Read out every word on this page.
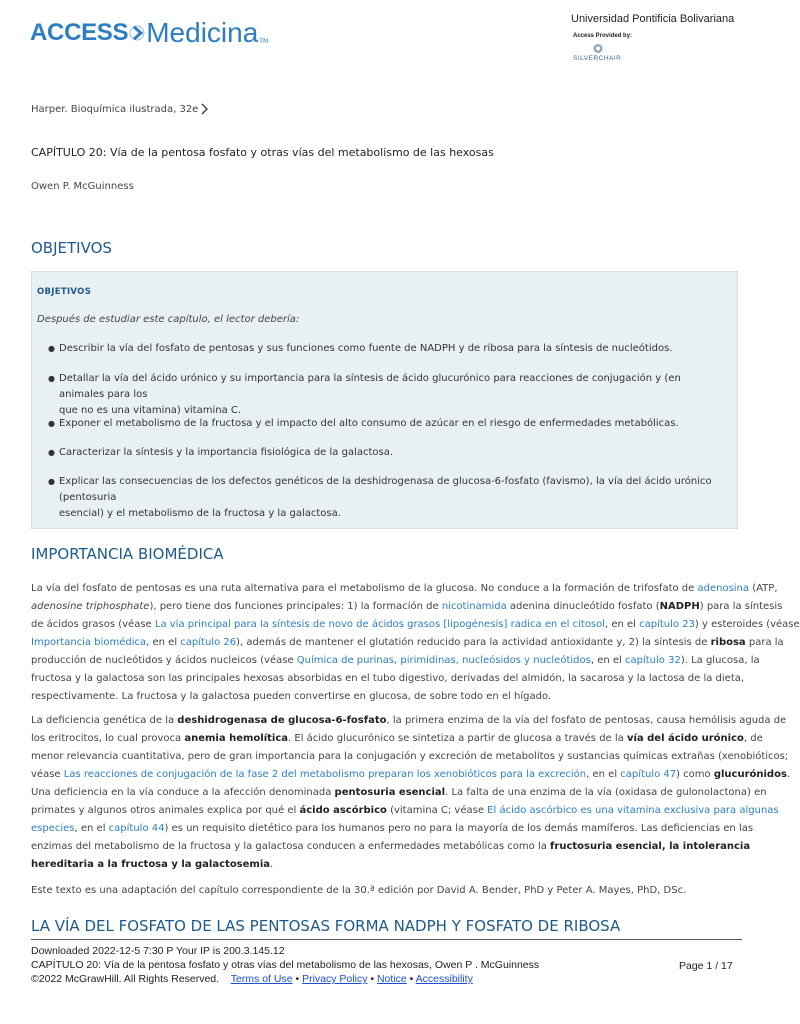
ACCESS Medicina TM
Universidad Pontificia Bolivariana
Access Provided by:
SILVERCHAIR
Harper. Bioquímica ilustrada, 32e
CAPÍTULO 20: Vía de la pentosa fosfato y otras vías del metabolismo de las hexosas
Owen P. McGuinness
OBJETIVOS
OBJETIVOS
Después de estudiar este capítulo, el lector debería:
● Describir la vía del fosfato de pentosas y sus funciones como fuente de NADPH y de ribosa para la síntesis de nucleótidos.
● Detallar la vía del ácido urónico y su importancia para la síntesis de ácido glucurónico para reacciones de conjugación y (en animales para los
que no es una vitamina) vitamina C.
● Exponer el metabolismo de la fructosa y el impacto del alto consumo de azúcar en el riesgo de enfermedades metabólicas.
● Caracterizar la síntesis y la importancia fisiológica de la galactosa.
● Explicar las consecuencias de los defectos genéticos de la deshidrogenasa de glucosa-6-fosfato (favismo), la vía del ácido urónico (pentosuria
esencial) y el metabolismo de la fructosa y la galactosa.
IMPORTANCIA BIOMÉDICA
La vía del fosfato de pentosas es una ruta alternativa para el metabolismo de la glucosa. No conduce a la formación de trifosfato de adenosina (ATP,
adenosine triphosphate), pero tiene dos funciones principales: 1) la formación de nicotinamida adenina dinucleótido fosfato (NADPH) para la síntesis
de ácidos grasos (véase La vía principal para la síntesis de novo de ácidos grasos [lipogénesis] radica en el citosol, en el capítulo 23) y esteroides (véase
Importancia biomédica, en el capítulo 26), además de mantener el glutatión reducido para la actividad antioxidante y, 2) la síntesis de ribosa para la
producción de nucleótidos y ácidos nucleicos (véase Química de purinas, pirimidinas, nucleósidos y nucleótidos, en el capítulo 32). La glucosa, la
fructosa y la galactosa son las principales hexosas absorbidas en el tubo digestivo, derivadas del almidón, la sacarosa y la lactosa de la dieta,
respectivamente. La fructosa y la galactosa pueden convertirse en glucosa, de sobre todo en el hígado.
La deficiencia genética de la deshidrogenasa de glucosa-6-fosfato, la primera enzima de la vía del fosfato de pentosas, causa hemólisis aguda de
los eritrocitos, lo cual provoca anemia hemolítica. El ácido glucurónico se sintetiza a partir de glucosa a través de la vía del ácido urónico, de
menor relevancia cuantitativa, pero de gran importancia para la conjugación y excreción de metabolitos y sustancias químicas extrañas (xenobióticos;
véase Las reacciones de conjugación de la fase 2 del metabolismo preparan los xenobióticos para la excreción, en el capítulo 47) como glucurónidos.
Una deficiencia en la vía conduce a la afección denominada pentosuria esencial. La falta de una enzima de la vía (oxidasa de gulonolactona) en
primates y algunos otros animales explica por qué el ácido ascórbico (vitamina C; véase El ácido ascórbico es una vitamina exclusiva para algunas
especies, en el capítulo 44) es un requisito dietético para los humanos pero no para la mayoría de los demás mamíferos. Las deficiencias en las
enzimas del metabolismo de la fructosa y la galactosa conducen a enfermedades metabólicas como la fructosuria esencial, la intolerancia
hereditaria a la fructosa y la galactosemia.
Este texto es una adaptación del capítulo correspondiente de la 30.ª edición por David A. Bender, PhD y Peter A. Mayes, PhD, DSc.
LA VÍA DEL FOSFATO DE LAS PENTOSAS FORMA NADPH Y FOSFATO DE RIBOSA
Downloaded 2022-12-5 7:30 P Your IP is 200.3.145.12
CAPÍTULO 20: Vía de la pentosa fosfato y otras vías del metabolismo de las hexosas, Owen P . McGuinness
©2022 McGrawHill. All Rights Reserved. Terms of Use • Privacy Policy • Notice • Accessibility
Page 1 / 17
